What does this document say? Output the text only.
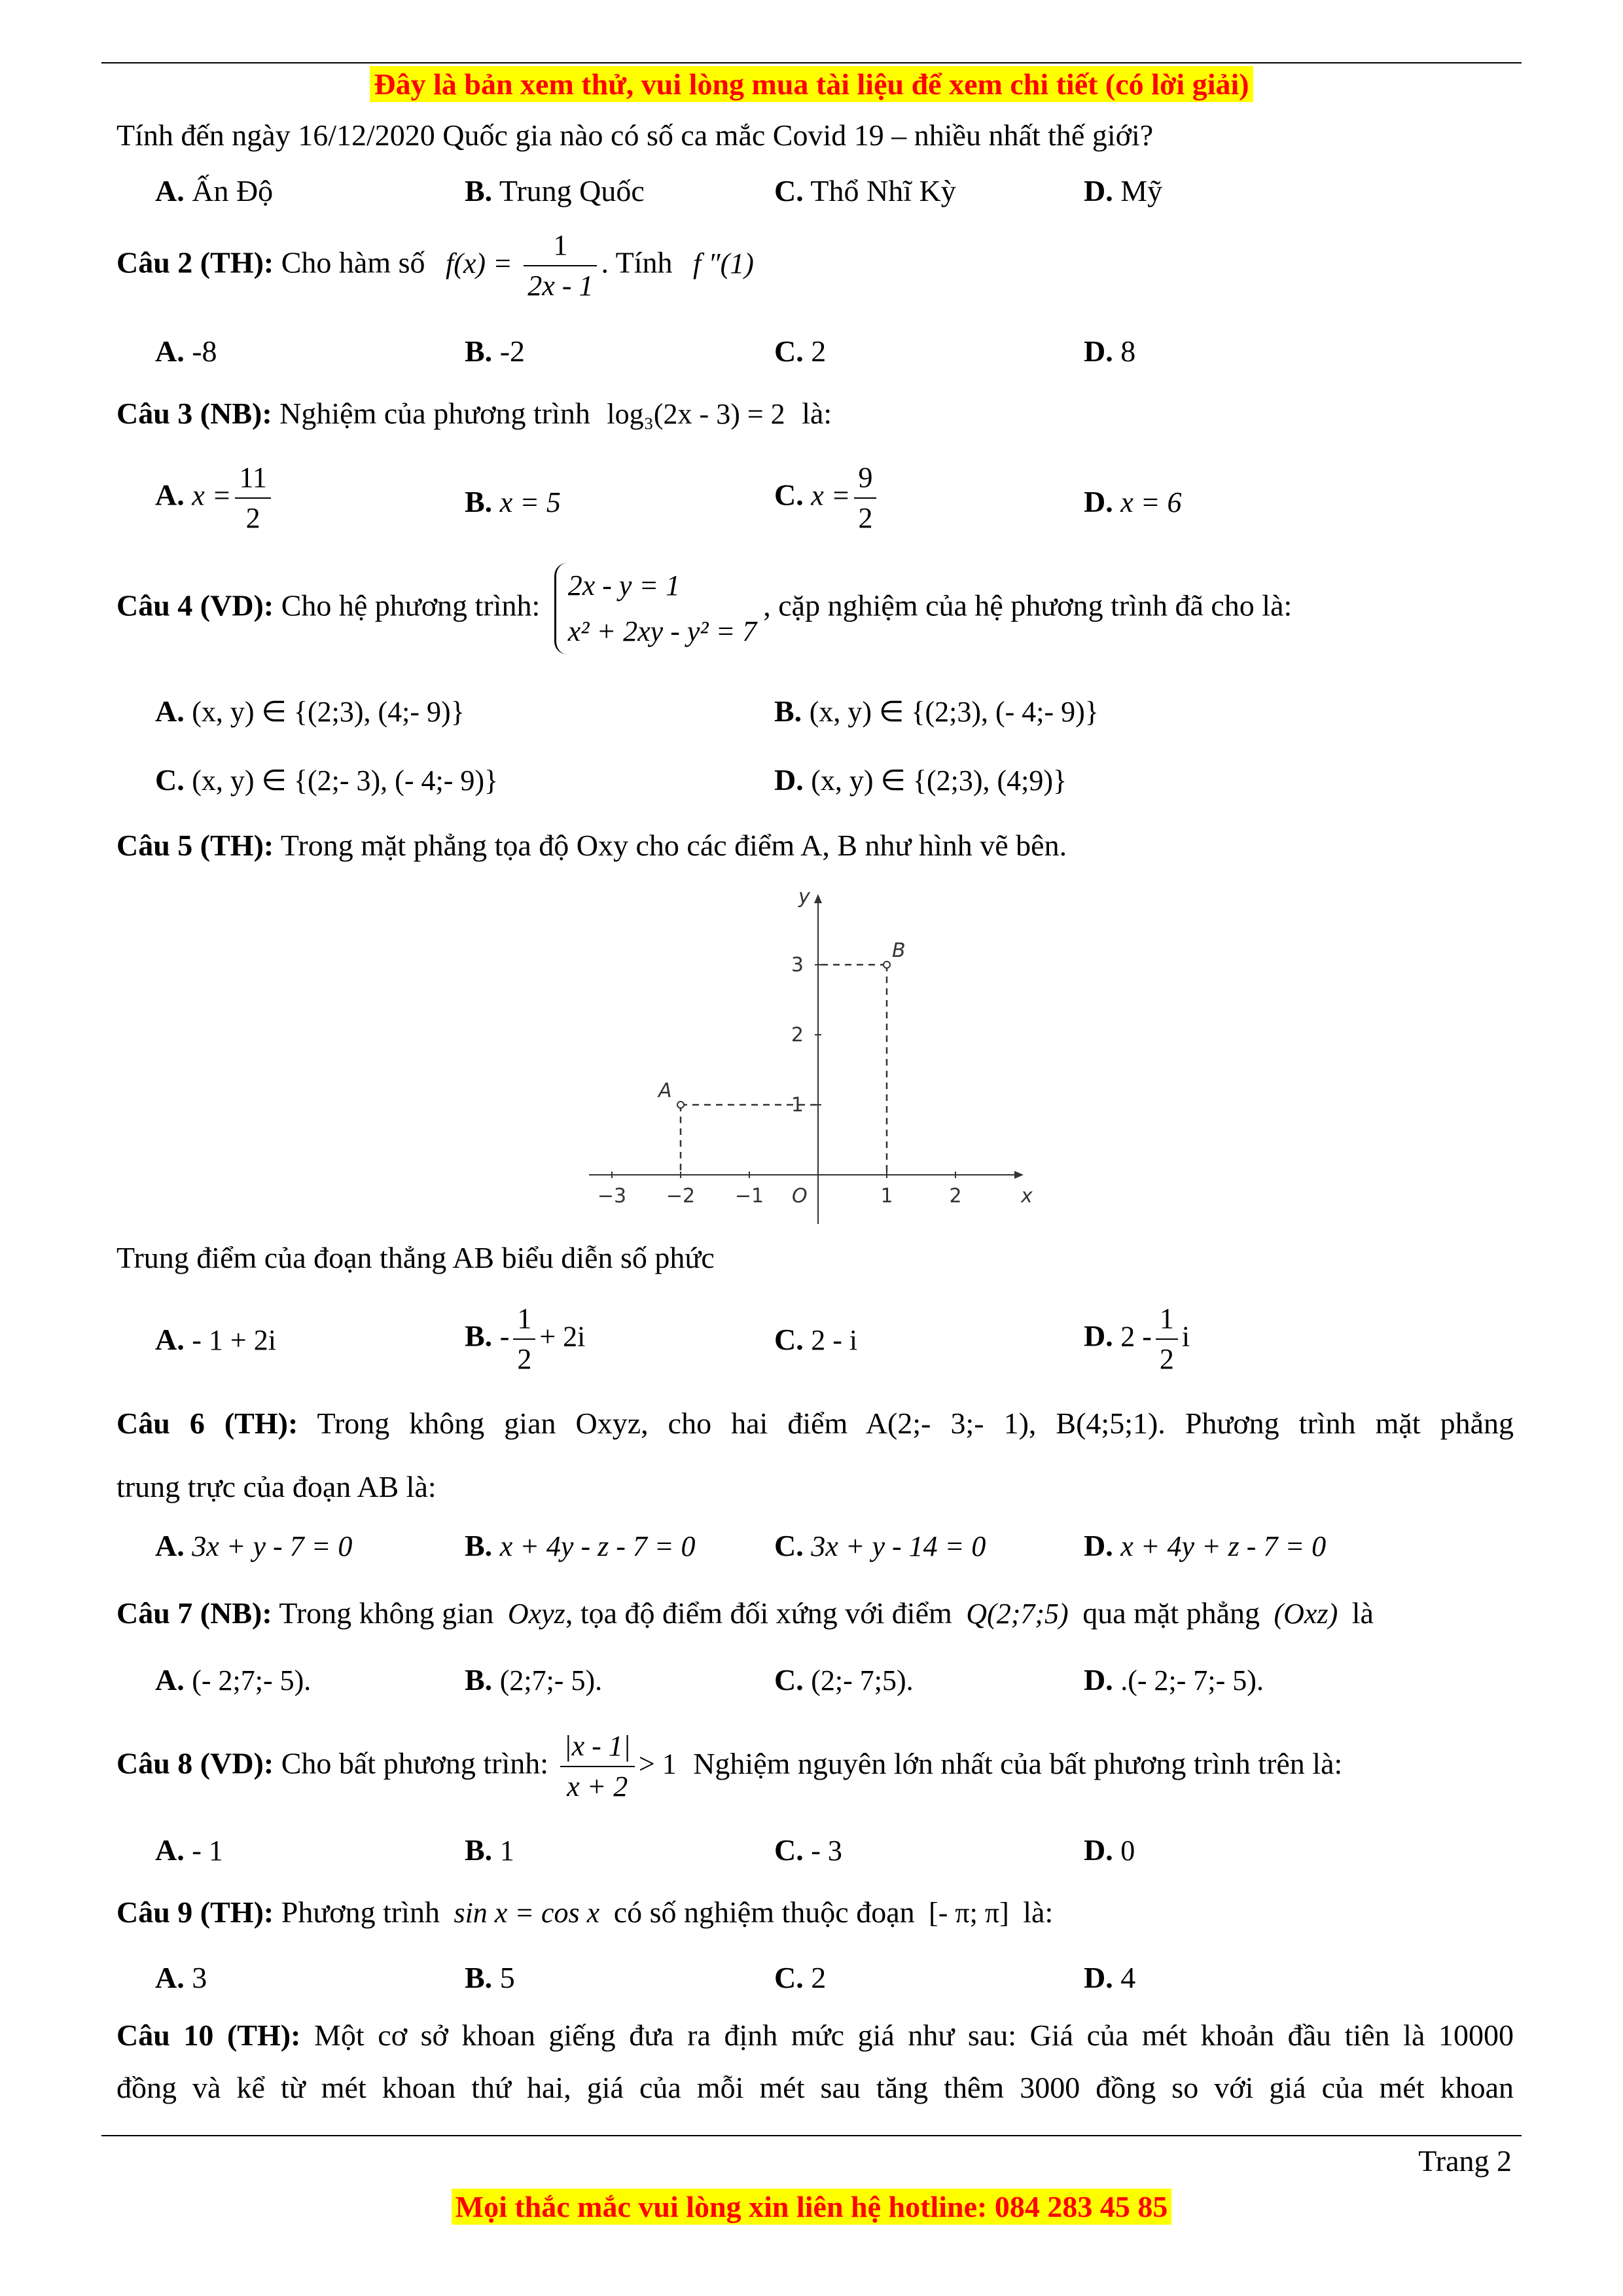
Đây là bản xem thử, vui lòng mua tài liệu để xem chi tiết (có lời giải)
Tính đến ngày 16/12/2020 Quốc gia nào có số ca mắc Covid 19 – nhiều nhất thế giới?
A. Ấn Độ	B. Trung Quốc	C. Thổ Nhĩ Kỳ	D. Mỹ
Câu 2 (TH): Cho hàm số $f(x) = \frac{1}{2x - 1}$ . Tính f ″(1)
A. -8	B. -2	C. 2	D. 8
Câu 3 (NB): Nghiệm của phương trình log₃(2x - 3) = 2 là:
A. $x = \frac{11}{2}$	B. x = 5	C. $x = \frac{9}{2}$	D. x = 6
Câu 4 (VD): Cho hệ phương trình:
2x - y = 1
x² + 2xy - y² = 7
, cặp nghiệm của hệ phương trình đã cho là:
A. (x, y) ∈ {(2;3), (4;- 9)}	B. (x, y) ∈ {(2;3), (- 4;- 9)}
C. (x, y) ∈ {(2;- 3), (- 4;- 9)}	D. (x, y) ∈ {(2;3), (4;9)}
Câu 5 (TH): Trong mặt phẳng tọa độ Oxy cho các điểm A, B như hình vẽ bên.
−3 −2 −1	1	2
1
2
3
O	x
y
A
B
Trung điểm của đoạn thẳng AB biểu diễn số phức
A. - 1 + 2i	B. - $\frac{1}{2} + 2i$	C. 2 - i	D. $2 - \frac{1}{2}$ i
Câu 6 (TH): Trong không gian Oxyz, cho hai điểm A(2;- 3;- 1), B(4;5;1). Phương trình mặt phẳng
trung trực của đoạn AB là:
A. 3x + y - 7 = 0	B. x + 4y - z - 7 = 0	C. 3x + y - 14 = 0	D. x + 4y + z - 7 = 0
Câu 7 (NB): Trong không gian Oxyz, tọa độ điểm đối xứng với điểm Q(2;7;5) qua mặt phẳng (Oxz) là
A. (- 2;7;- 5).	B. (2;7;- 5).	C. (2;- 7;5).	D. .(- 2;- 7;- 5).
Câu 8 (VD): Cho bất phương trình: $\frac{|x - 1|}{x + 2} > 1$ Nghiệm nguyên lớn nhất của bất phương trình trên là:
A. - 1	B. 1	C. - 3	D. 0
Câu 9 (TH): Phương trình sin x = cos x có số nghiệm thuộc đoạn [- π; π] là:
A. 3	B. 5	C. 2	D. 4
Câu 10 (TH): Một cơ sở khoan giếng đưa ra định mức giá như sau: Giá của mét khoản đầu tiên là 10000
đồng và kể từ mét khoan thứ hai, giá của mỗi mét sau tăng thêm 3000 đồng so với giá của mét khoan
Trang 2
Mọi thắc mắc vui lòng xin liên hệ hotline: 084 283 45 85
